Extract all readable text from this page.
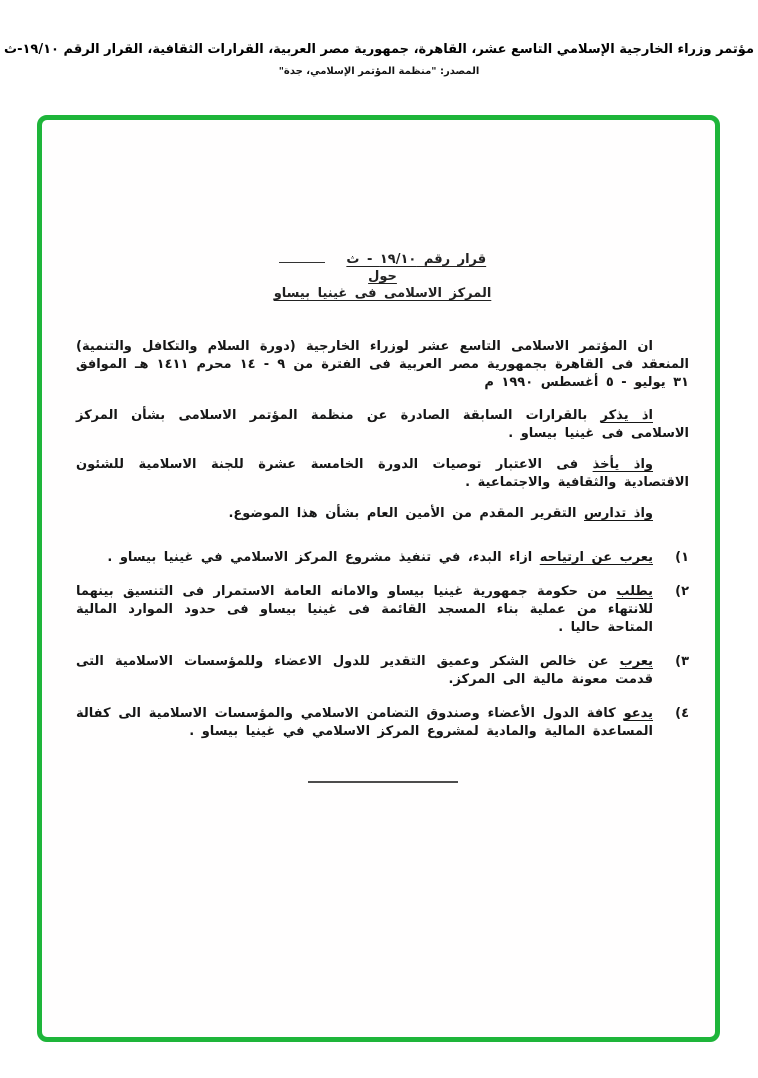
مؤتمر وزراء الخارجية الإسلامي التاسع عشر، القاهرة، جمهورية مصر العربية، القرارات الثقافية، القرار الرقم ١٩/١٠-ث
المصدر: "منظمة المؤتمر الإسلامي، جدة"
قرار رقم ١٩/١٠ - ث
حول
المركز الاسلامى فى غينيا بيساو

ان المؤتمر الاسلامى التاسع عشر لوزراء الخارجية (دورة السلام والتكافل والتنمية) المنعقد فى القاهرة بجمهورية مصر العربية فى الفترة من ٩ - ١٤ محرم ١٤١١ هـ الموافق ٣١ يوليو - ٥ أغسطس ١٩٩٠ م

اذ يذكر بالقرارات السابقة الصادرة عن منظمة المؤتمر الاسلامى بشأن المركز الاسلامى فى غينيا بيساو .

واذ يأخذ فى الاعتبار توصيات الدورة الخامسة عشرة للجنة الاسلامية للشئون الاقتصادية والثقافية والاجتماعية .

واذ تدارس التقرير المقدم من الأمين العام بشأن هذا الموضوع.

١)

يعرب عن ارتياحه ازاء البدء، في تنفيذ مشروع المركز الاسلامي في غينيا بيساو .

٢)

يطلب من حكومة جمهورية غينيا بيساو والامانه العامة الاستمرار فى التنسيق بينهما للانتهاء من عملية بناء المسجد القائمة فى غينيا بيساو فى حدود الموارد المالية المتاحة حاليا .

٣)

يعرب عن خالص الشكر وعميق التقدير للدول الاعضاء وللمؤسسات الاسلامية التى قدمت معونة مالية الى المركز.

٤)

يدعو كافة الدول الأعضاء وصندوق التضامن الاسلامي والمؤسسات الاسلامية الى كفالة المساعدة المالية والمادية لمشروع المركز الاسلامي في غينيا بيساو .
